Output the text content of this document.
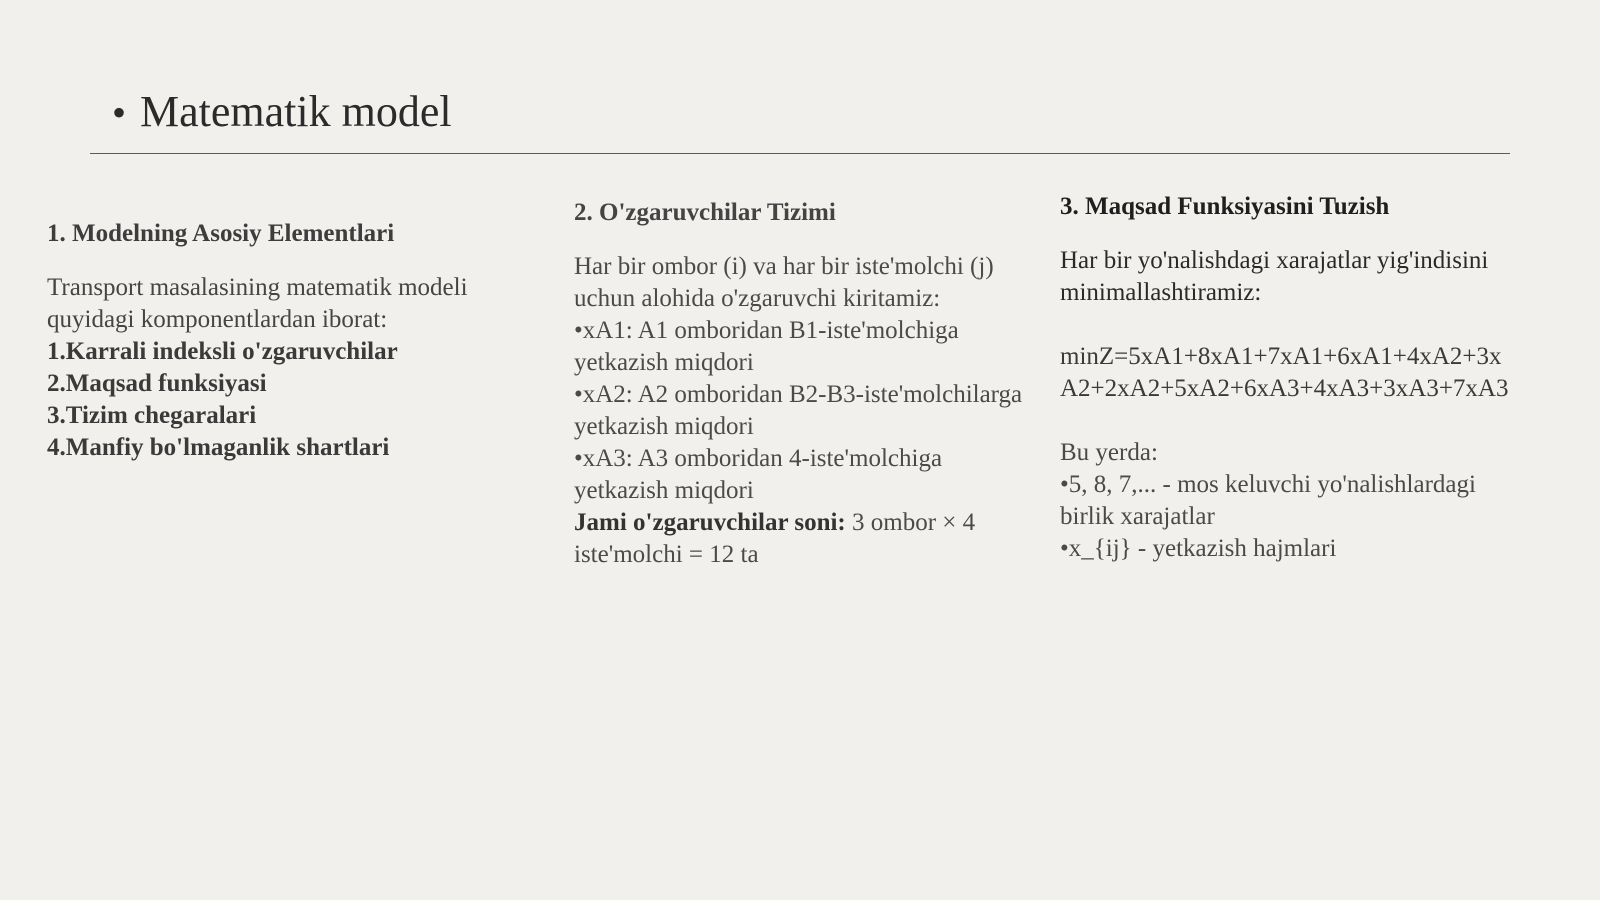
• Matematik model
1. Modelning Asosiy Elementlari

Transport masalasining matematik modeli quyidagi komponentlardan iborat:

1.Karrali indeksli o'zgaruvchilar
2.Maqsad funksiyasi
3.Tizim chegaralari
4.Manfiy bo'lmaganlik shartlari
2. O'zgaruvchilar Tizimi

Har bir ombor (i) va har bir iste'molchi (j) uchun alohida o'zgaruvchi kiritamiz:

•xA1: A1 omboridan B1-iste'molchiga yetkazish miqdori
•xA2: A2 omboridan B2-B3-iste'molchilarga yetkazish miqdori
•xA3: A3 omboridan 4-iste'molchiga yetkazish miqdori
Jami o'zgaruvchilar soni: 3 ombor × 4 iste'molchi = 12 ta
3. Maqsad Funksiyasini Tuzish

Har bir yo'nalishdagi xarajatlar yig'indisini minimallashtiramiz:

minZ=5xA1+8xA1+7xA1+6xA1+4xA2+3x
A2+2xA2+5xA2+6xA3+4xA3+3xA3+7xA3
Bu yerda:
•5, 8, 7,... - mos keluvchi yo'nalishlardagi birlik xarajatlar
•x_{ij} - yetkazish hajmlari
